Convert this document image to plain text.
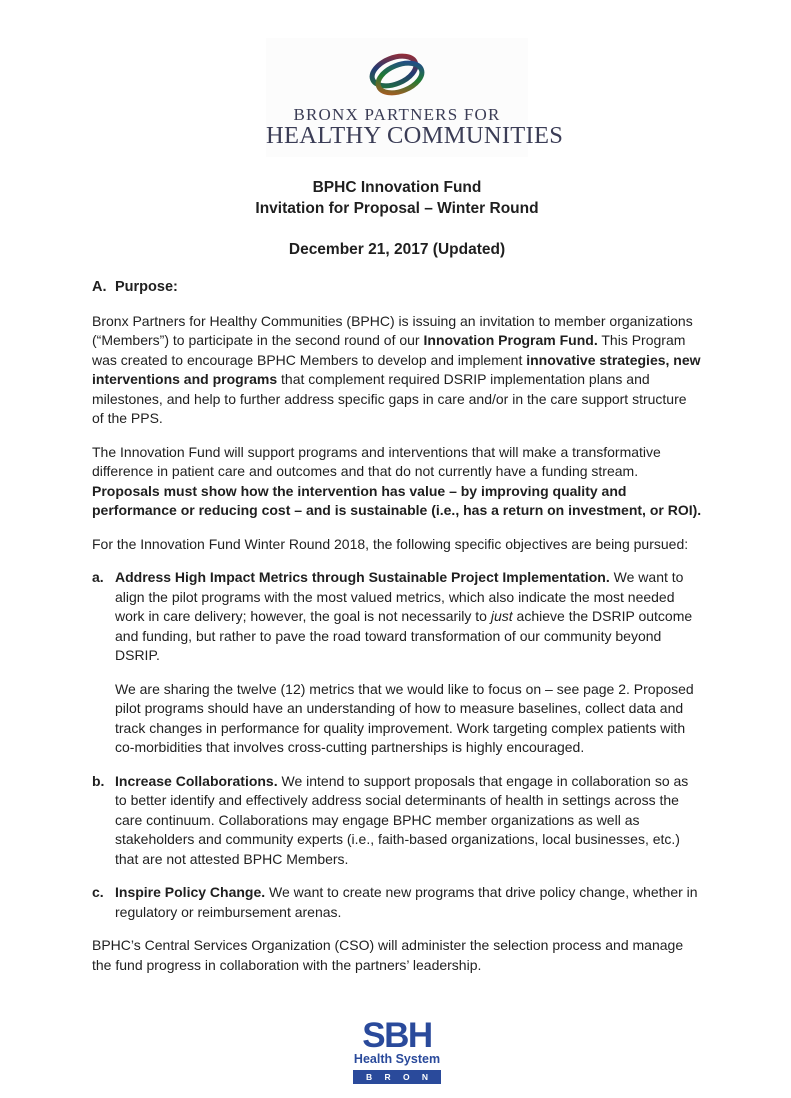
BRONX PARTNERS FOR
HEALTHY COMMUNITIES
BPHC Innovation Fund
Invitation for Proposal – Winter Round
December 21, 2017 (Updated)
A. Purpose:

Bronx Partners for Healthy Communities (BPHC) is issuing an invitation to member organizations (“Members”) to participate in the second round of our Innovation Program Fund. This Program was created to encourage BPHC Members to develop and implement innovative strategies, new interventions and programs that complement required DSRIP implementation plans and milestones, and help to further address specific gaps in care and/or in the care support structure of the PPS.

The Innovation Fund will support programs and interventions that will make a transformative difference in patient care and outcomes and that do not currently have a funding stream. Proposals must show how the intervention has value – by improving quality and performance or reducing cost – and is sustainable (i.e., has a return on investment, or ROI).

For the Innovation Fund Winter Round 2018, the following specific objectives are being pursued:

a. Address High Impact Metrics through Sustainable Project Implementation. We want to align the pilot programs with the most valued metrics, which also indicate the most needed work in care delivery; however, the goal is not necessarily to just achieve the DSRIP outcome and funding, but rather to pave the road toward transformation of our community beyond DSRIP.

We are sharing the twelve (12) metrics that we would like to focus on – see page 2. Proposed pilot programs should have an understanding of how to measure baselines, collect data and track changes in performance for quality improvement. Work targeting complex patients with co-morbidities that involves cross-cutting partnerships is highly encouraged.

b. Increase Collaborations. We intend to support proposals that engage in collaboration so as to better identify and effectively address social determinants of health in settings across the care continuum. Collaborations may engage BPHC member organizations as well as stakeholders and community experts (i.e., faith-based organizations, local businesses, etc.) that are not attested BPHC Members.

c. Inspire Policy Change. We want to create new programs that drive policy change, whether in regulatory or reimbursement arenas.

BPHC’s Central Services Organization (CSO) will administer the selection process and manage the fund progress in collaboration with the partners’ leadership.

SBH
Health System
B R O N X
